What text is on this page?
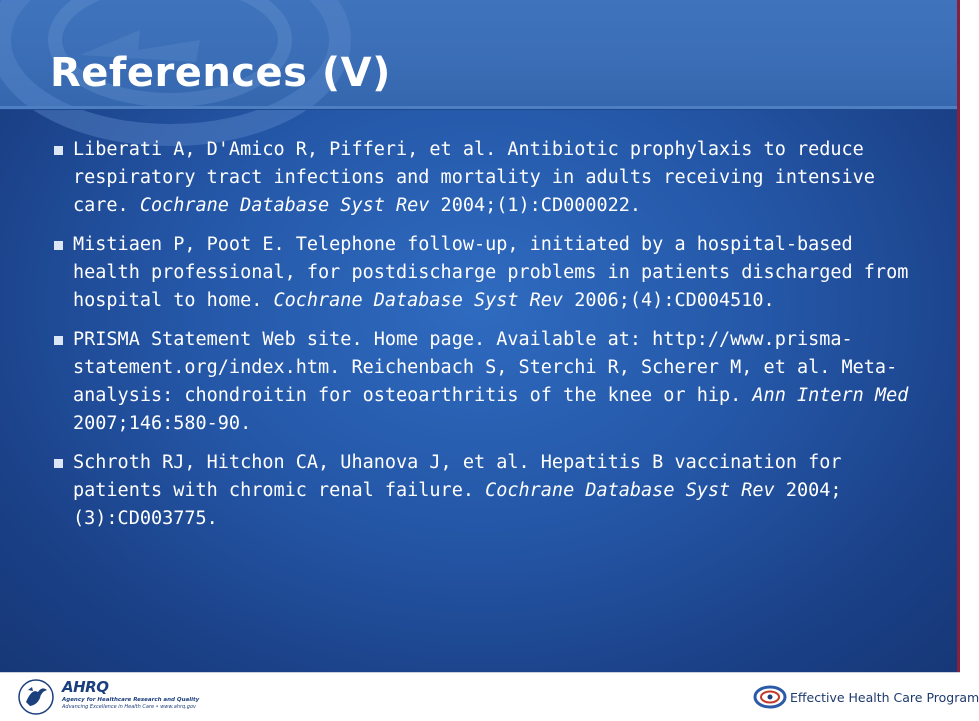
References (V)
Liberati A, D'Amico R, Pifferi, et al. Antibiotic prophylaxis to reduce respiratory tract infections and mortality in adults receiving intensive care. Cochrane Database Syst Rev 2004;(1):CD000022.
Mistiaen P, Poot E. Telephone follow-up, initiated by a hospital-based health professional, for postdischarge problems in patients discharged from hospital to home. Cochrane Database Syst Rev 2006;(4):CD004510.
PRISMA Statement Web site. Home page. Available at: http://www.prisma-statement.org/index.htm. Reichenbach S, Sterchi R, Scherer M, et al. Meta-analysis: chondroitin for osteoarthritis of the knee or hip. Ann Intern Med 2007;146:580-90.
Schroth RJ, Hitchon CA, Uhanova J, et al. Hepatitis B vaccination for patients with chromic renal failure. Cochrane Database Syst Rev 2004;(3):CD003775.
AHRQ
Agency for Healthcare Research and Quality
Advancing Excellence in Health Care • www.ahrq.gov
Effective Health Care Program
